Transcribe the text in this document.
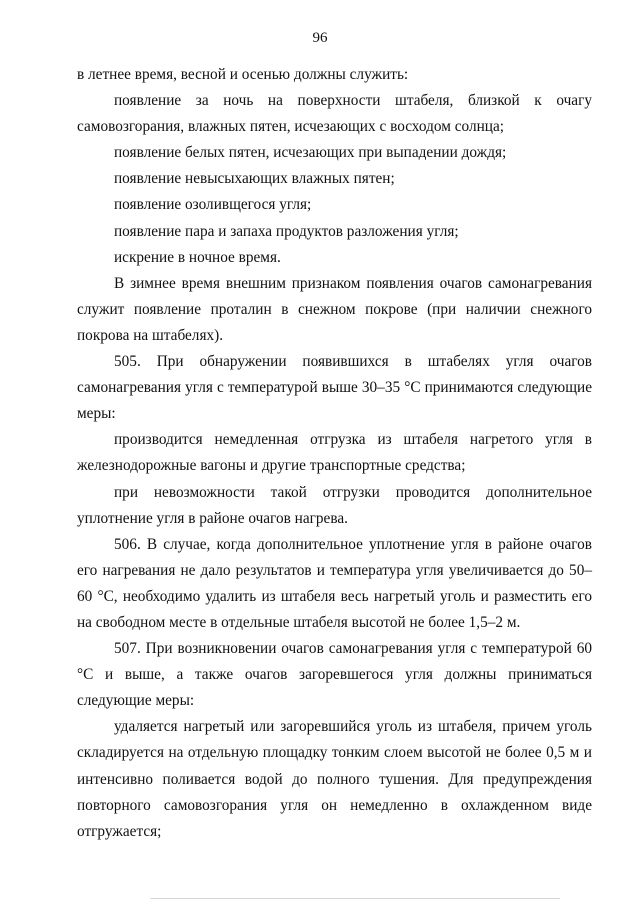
96

в летнее время, весной и осенью должны служить:

появление за ночь на поверхности штабеля, близкой к очагу самовозгорания, влажных пятен, исчезающих с восходом солнца;

появление белых пятен, исчезающих при выпадении дождя;

появление невысыхающих влажных пятен;

появление озоливщегося угля;

появление пара и запаха продуктов разложения угля;

искрение в ночное время.

В зимнее время внешним признаком появления очагов самонагревания служит появление проталин в снежном покрове (при наличии снежного покрова на штабелях).

505. При обнаружении появившихся в штабелях угля очагов самонагревания угля с температурой выше 30–35 °С принимаются следующие меры:

производится немедленная отгрузка из штабеля нагретого угля в железнодорожные вагоны и другие транспортные средства;

при невозможности такой отгрузки проводится дополнительное уплотнение угля в районе очагов нагрева.

506. В случае, когда дополнительное уплотнение угля в районе очагов его нагревания не дало результатов и температура угля увеличивается до 50–60 °С, необходимо удалить из штабеля весь нагретый уголь и разместить его на свободном месте в отдельные штабеля высотой не более 1,5–2 м.

507. При возникновении очагов самонагревания угля с температурой 60 °С и выше, а также очагов загоревшегося угля должны приниматься следующие меры:

удаляется нагретый или загоревшийся уголь из штабеля, причем уголь складируется на отдельную площадку тонким слоем высотой не более 0,5 м и интенсивно поливается водой до полного тушения. Для предупреждения повторного самовозгорания угля он немедленно в охлажденном виде отгружается;
